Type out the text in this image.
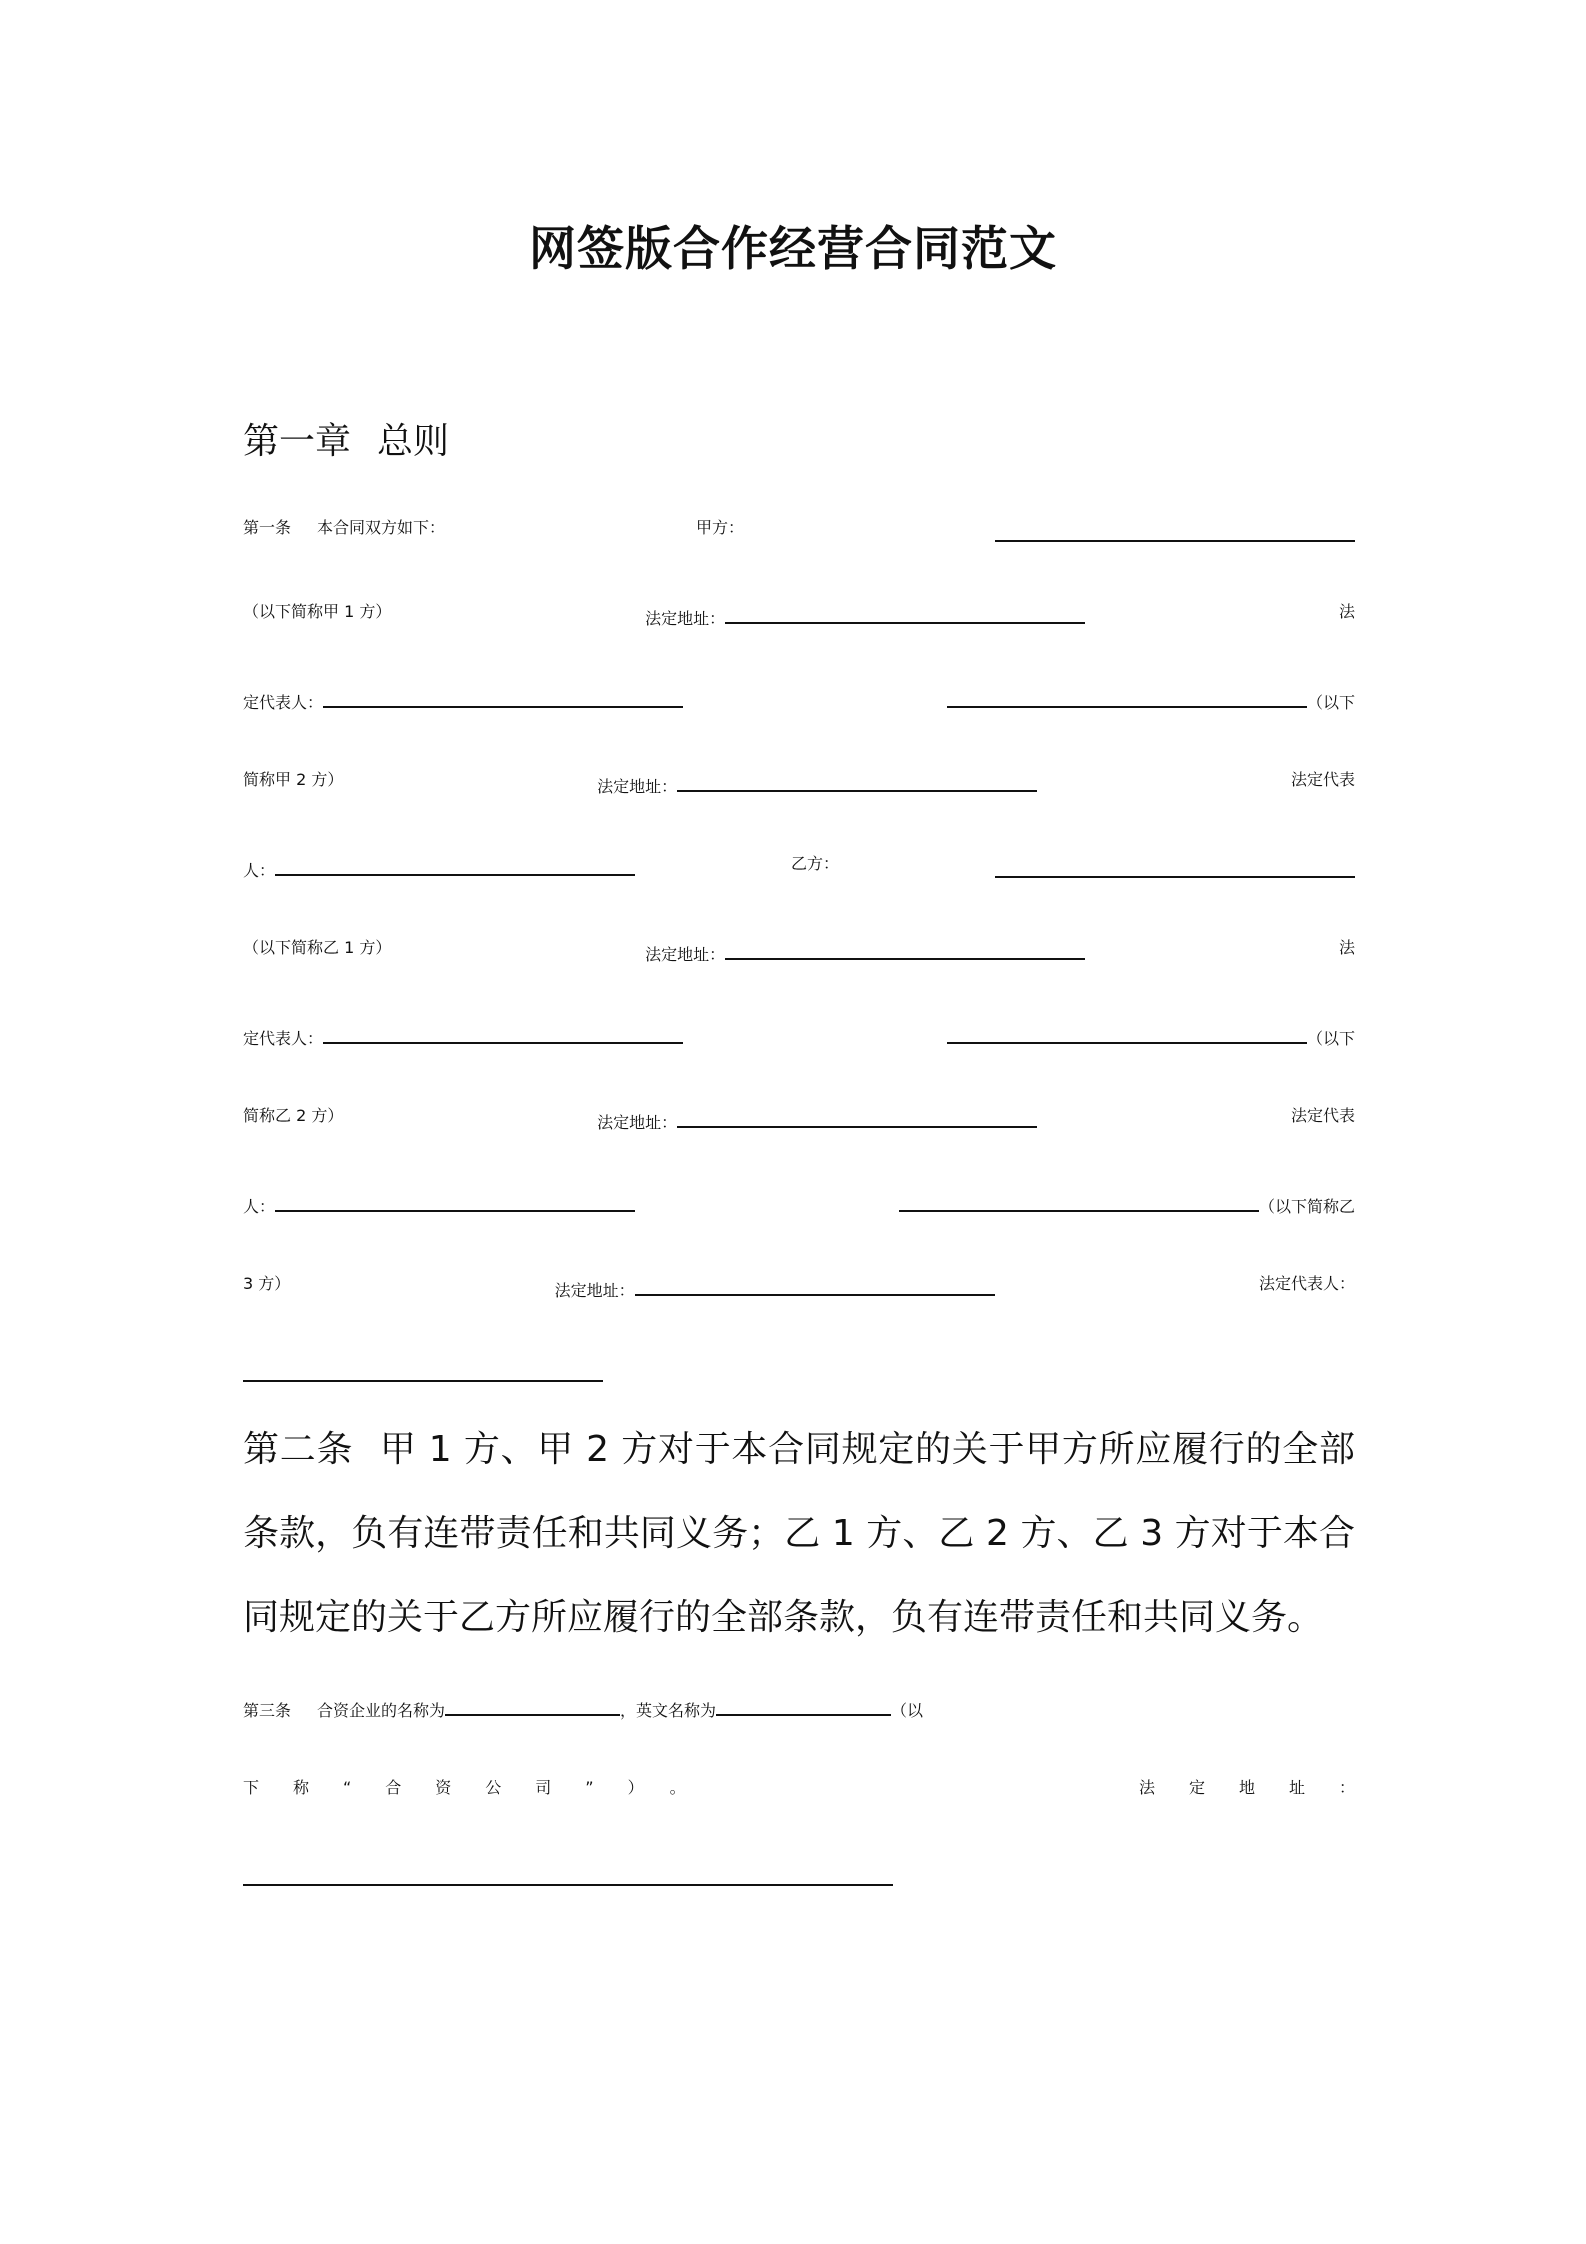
网签版合作经营合同范文

第一章 总则

第一条 本合同双方如下：	甲方：
（以下简称甲 1 方）	法定地址：	法
定代表人：	（以下
简称甲 2 方）	法定地址：	法定代表
人：	乙方：
（以下简称乙 1 方）	法定地址：	法
定代表人：	（以下
简称乙 2 方）	法定地址：	法定代表
人：	（以下简称乙
3 方）	法定地址：	法定代表人：

第二条 甲 1 方、甲 2 方对于本合同规定的关于甲方所应履行的全部条款，负有连带责任和共同义务；乙 1 方、乙 2 方、乙 3 方对于本合同规定的关于乙方所应履行的全部条款，负有连带责任和共同义务。

第三条 合资企业的名称为	，英文名称为	（以
下称“合资公司”）。	法定地址：
